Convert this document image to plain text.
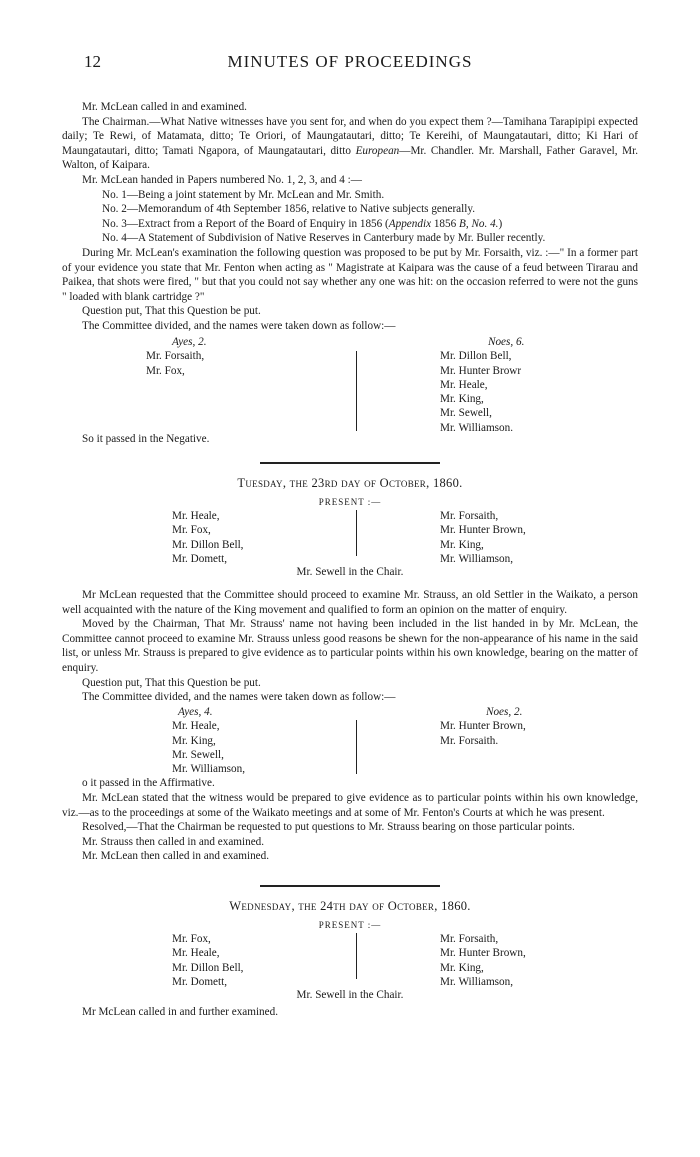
12	MINUTES OF PROCEEDINGS

Mr. McLean called in and examined.

The Chairman.—What Native witnesses have you sent for, and when do you expect them ?—Tamihana Tarapipipi expected daily; Te Rewi, of Matamata, ditto; Te Oriori, of Maungatautari, ditto; Te Kereihi, of Maungatautari, ditto; Ki Hari of Maungatautari, ditto; Tamati Ngapora, of Maungatautari, ditto European—Mr. Chandler. Mr. Marshall, Father Garavel, Mr. Walton, of Kaipara.

Mr. McLean handed in Papers numbered No. 1, 2, 3, and 4 :—

No. 1—Being a joint statement by Mr. McLean and Mr. Smith.

No. 2—Memorandum of 4th September 1856, relative to Native subjects generally.

No. 3—Extract from a Report of the Board of Enquiry in 1856 (Appendix 1856 B, No. 4.)

No. 4—A Statement of Subdivision of Native Reserves in Canterbury made by Mr. Buller recently.

During Mr. McLean's examination the following question was proposed to be put by Mr. Forsaith, viz. :—" In a former part of your evidence you state that Mr. Fenton when acting as " Magistrate at Kaipara was the cause of a feud between Tirarau and Paikea, that shots were fired, " but that you could not say whether any one was hit: on the occasion referred to were not the guns " loaded with blank cartridge ?"

Question put, That this Question be put.

The Committee divided, and the names were taken down as follow:—

Ayes, 2.
Mr. Forsaith,
Mr. Fox,
Noes, 6.
Mr. Dillon Bell,
Mr. Hunter Browr
Mr. Heale,
Mr. King,
Mr. Sewell,
Mr. Williamson.
So it passed in the Negative.
Tuesday, the 23rd day of October, 1860.
PRESENT :—
Mr. Heale,
Mr. Fox,
Mr. Dillon Bell,
Mr. Domett,
Mr. Forsaith,
Mr. Hunter Brown,
Mr. King,
Mr. Williamson,
Mr. Sewell in the Chair.

Mr McLean requested that the Committee should proceed to examine Mr. Strauss, an old Settler in the Waikato, a person well acquainted with the nature of the King movement and qualified to form an opinion on the matter of enquiry.

Moved by the Chairman, That Mr. Strauss' name not having been included in the list handed in by Mr. McLean, the Committee cannot proceed to examine Mr. Strauss unless good reasons be shewn for the non-appearance of his name in the said list, or unless Mr. Strauss is prepared to give evidence as to particular points within his own knowledge, bearing on the matter of enquiry.

Question put, That this Question be put.

The Committee divided, and the names were taken down as follow:—

Ayes, 4.
Mr. Heale,
Mr. King,
Mr. Sewell,
Mr. Williamson,
Noes, 2.
Mr. Hunter Brown,
Mr. Forsaith.
o it passed in the Affirmative.

Mr. McLean stated that the witness would be prepared to give evidence as to particular points within his own knowledge, viz.—as to the proceedings at some of the Waikato meetings and at some of Mr. Fenton's Courts at which he was present.

Resolved,—That the Chairman be requested to put questions to Mr. Strauss bearing on those particular points.

Mr. Strauss then called in and examined.

Mr. McLean then called in and examined.

Wednesday, the 24th day of October, 1860.
PRESENT :—
Mr. Fox,
Mr. Heale,
Mr. Dillon Bell,
Mr. Domett,
Mr. Forsaith,
Mr. Hunter Brown,
Mr. King,
Mr. Williamson,
Mr. Sewell in the Chair.

Mr McLean called in and further examined.
